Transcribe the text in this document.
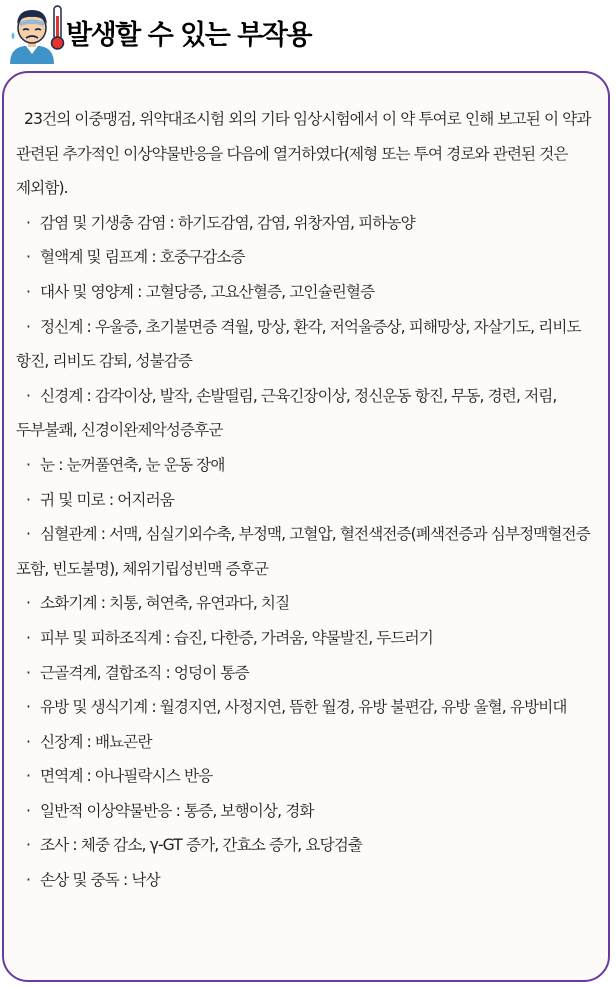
발생할 수 있는 부작용

23건의 이중맹검, 위약대조시험 외의 기타 임상시험에서 이 약 투여로 인해 보고된 이 약과 관련된 추가적인 이상약물반응을 다음에 열거하였다(제형 또는 투여 경로와 관련된 것은 제외함).

· 감염 및 기생충 감염 : 하기도감염, 감염, 위창자염, 피하농양

· 혈액계 및 림프계 : 호중구감소증

· 대사 및 영양계 : 고혈당증, 고요산혈증, 고인슐린혈증

· 정신계 : 우울증, 초기불면증 격월, 망상, 환각, 저억울증상, 피해망상, 자살기도, 리비도 항진, 리비도 감퇴, 성불감증

· 신경계 : 감각이상, 발작, 손발떨림, 근육긴장이상, 정신운동 항진, 무동, 경련, 저림, 두부불쾌, 신경이완제악성증후군

· 눈 : 눈꺼풀연축, 눈 운동 장애

· 귀 및 미로 : 어지러움

· 심혈관계 : 서맥, 심실기외수축, 부정맥, 고혈압, 혈전색전증(폐색전증과 심부정맥혈전증 포함, 빈도불명), 체위기립성빈맥 증후군

· 소화기계 : 치통, 혀연축, 유연과다, 치질

· 피부 및 피하조직계 : 습진, 다한증, 가려움, 약물발진, 두드러기

· 근골격계, 결합조직 : 엉덩이 통증

· 유방 및 생식기계 : 월경지연, 사정지연, 뜸한 월경, 유방 불편감, 유방 울혈, 유방비대

· 신장계 : 배뇨곤란

· 면역계 : 아나필락시스 반응

· 일반적 이상약물반응 : 통증, 보행이상, 경화

· 조사 : 체중 감소, γ-GT 증가, 간효소 증가, 요당검출

· 손상 및 중독 : 낙상
